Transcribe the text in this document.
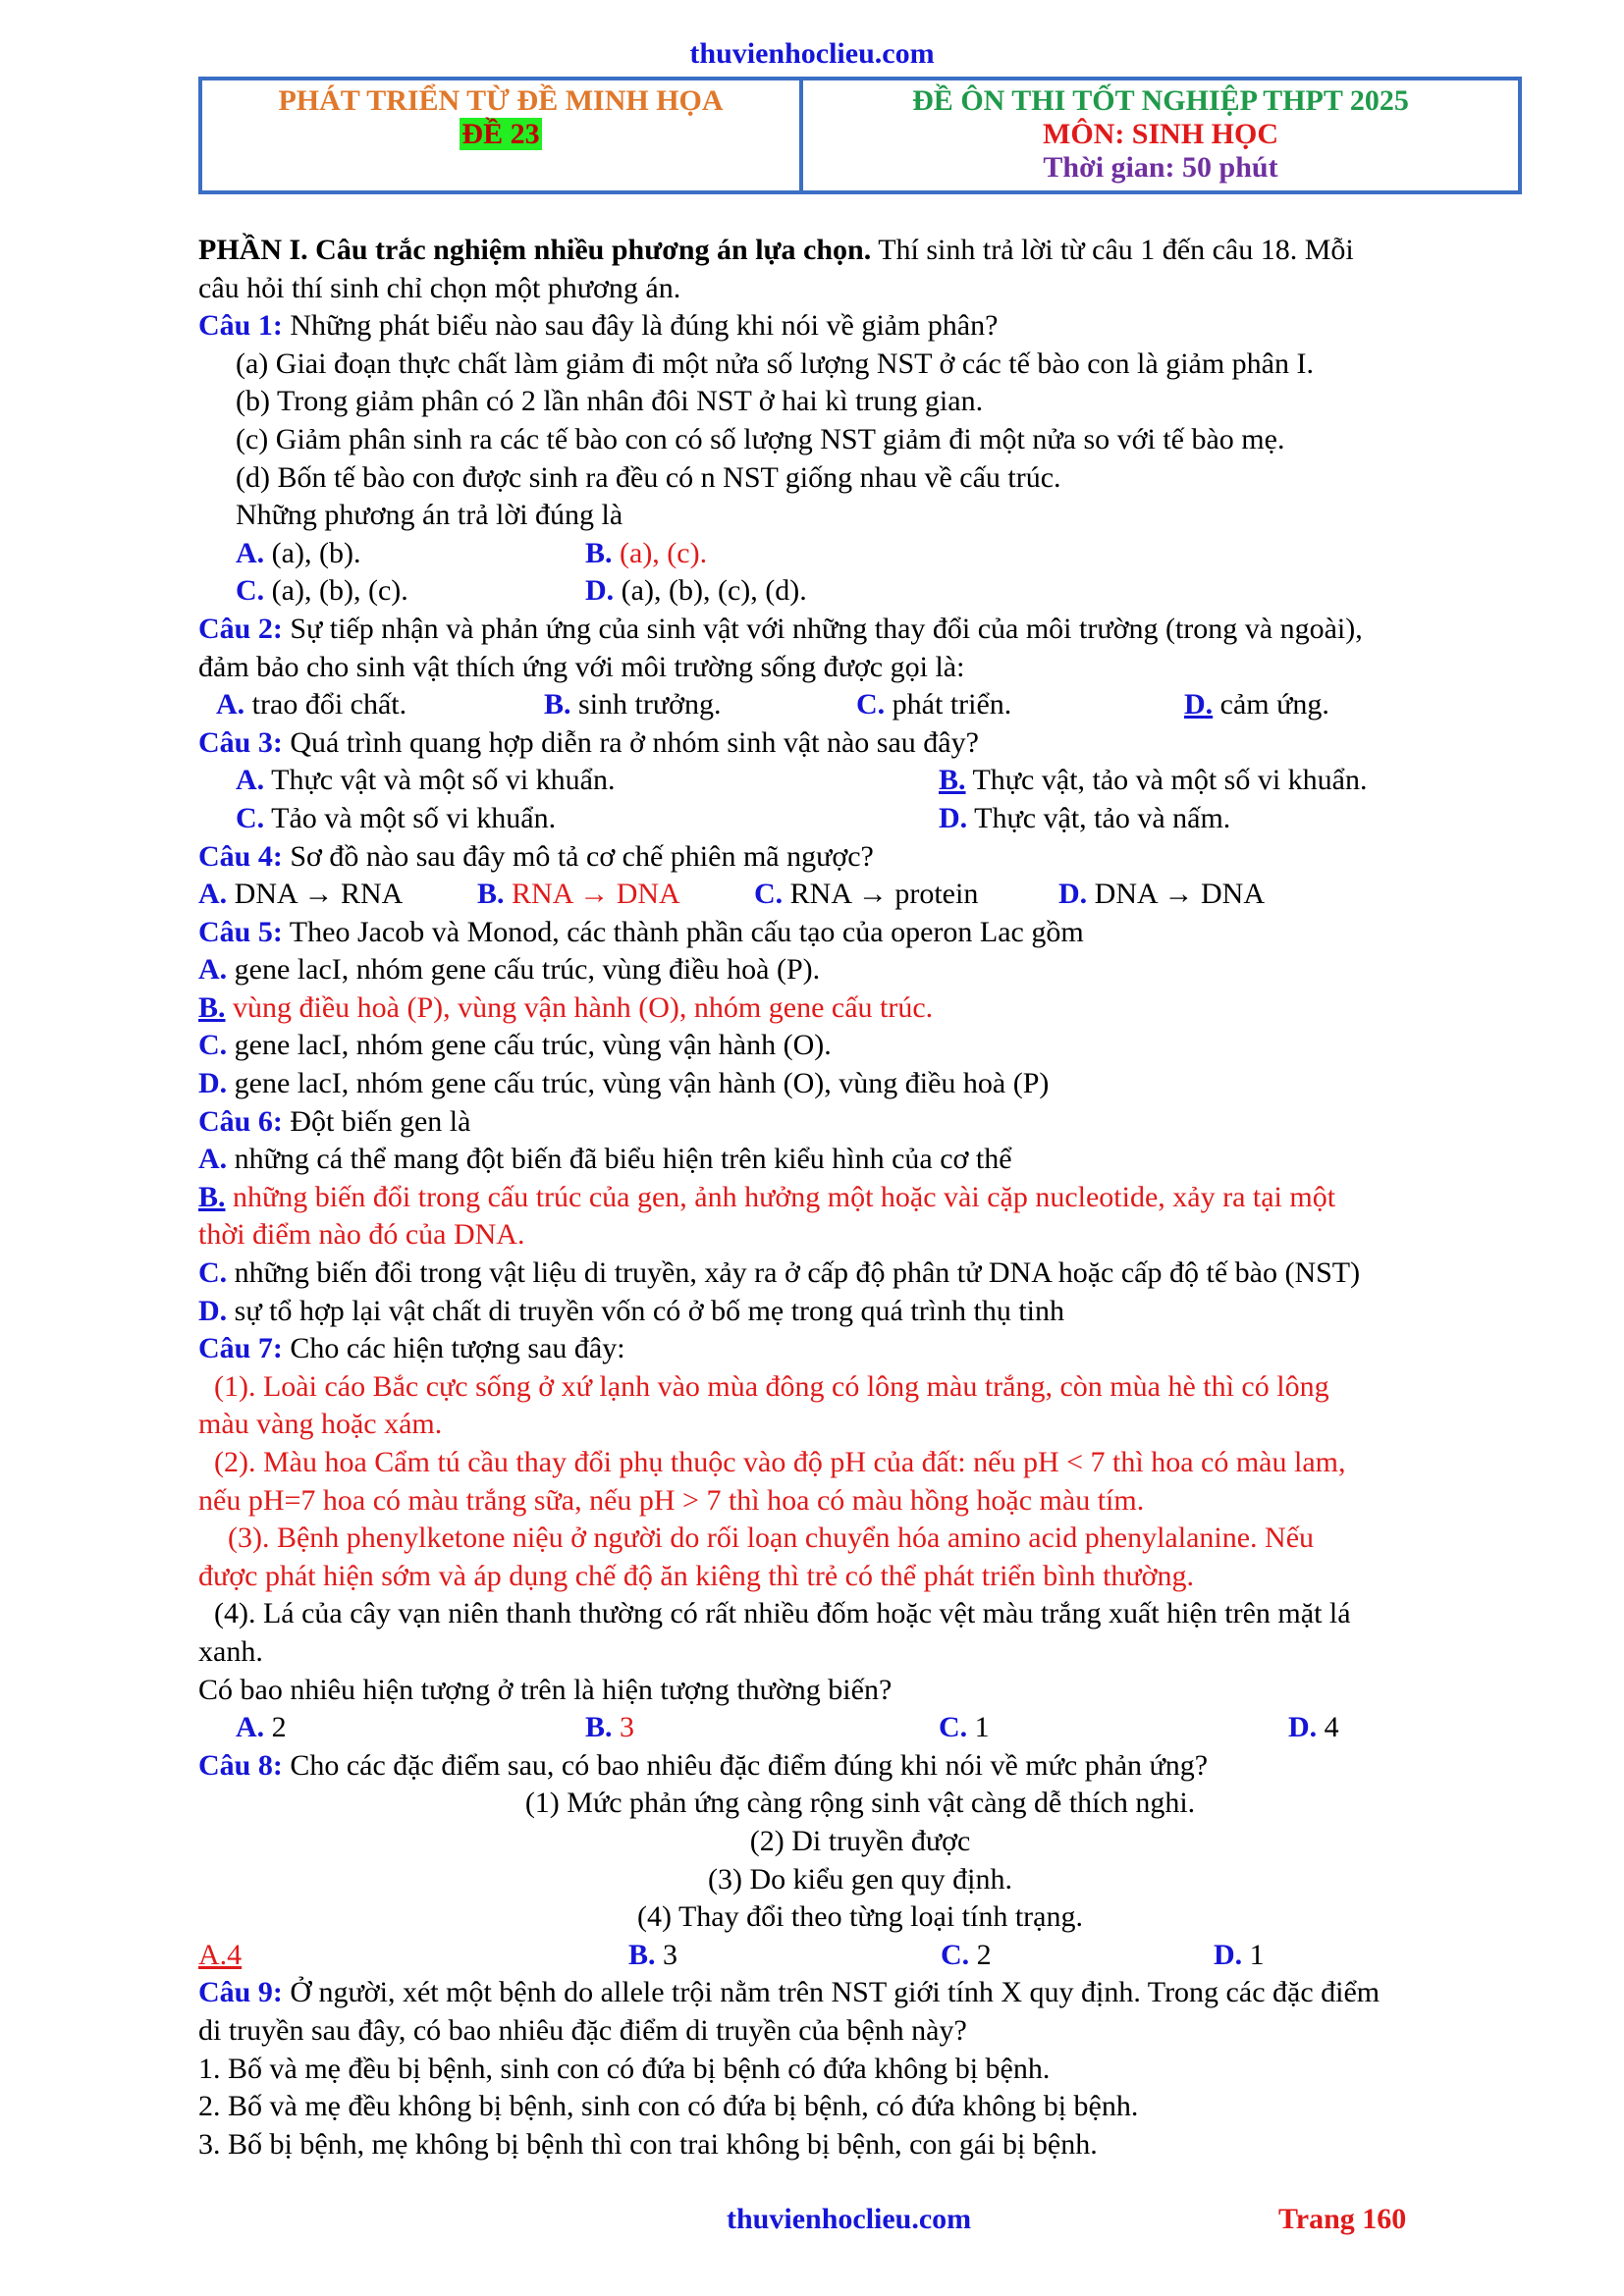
thuvienhoclieu.com
PHÁT TRIỂN TỪ ĐỀ MINH HỌA
ĐỀ 23
ĐỀ ÔN THI TỐT NGHIỆP THPT 2025
MÔN: SINH HỌC
Thời gian: 50 phút
PHẦN I. Câu trắc nghiệm nhiều phương án lựa chọn. Thí sinh trả lời từ câu 1 đến câu 18. Mỗi
câu hỏi thí sinh chỉ chọn một phương án.
Câu 1: Những phát biểu nào sau đây là đúng khi nói về giảm phân?
(a) Giai đoạn thực chất làm giảm đi một nửa số lượng NST ở các tế bào con là giảm phân I.
(b) Trong giảm phân có 2 lần nhân đôi NST ở hai kì trung gian.
(c) Giảm phân sinh ra các tế bào con có số lượng NST giảm đi một nửa so với tế bào mẹ.
(d) Bốn tế bào con được sinh ra đều có n NST giống nhau về cấu trúc.
Những phương án trả lời đúng là
A. (a), (b).	B. (a), (c).
C. (a), (b), (c).	D. (a), (b), (c), (d).
Câu 2: Sự tiếp nhận và phản ứng của sinh vật với những thay đổi của môi trường (trong và ngoài),
đảm bảo cho sinh vật thích ứng với môi trường sống được gọi là:
A. trao đổi chất.	B. sinh trưởng.	C. phát triển.	D. cảm ứng.
Câu 3: Quá trình quang hợp diễn ra ở nhóm sinh vật nào sau đây?
A. Thực vật và một số vi khuẩn.	B. Thực vật, tảo và một số vi khuẩn.
C. Tảo và một số vi khuẩn.	D. Thực vật, tảo và nấm.
Câu 4: Sơ đồ nào sau đây mô tả cơ chế phiên mã ngược?
A. DNA → RNA	B. RNA → DNA	C. RNA → protein	D. DNA → DNA
Câu 5: Theo Jacob và Monod, các thành phần cấu tạo của operon Lac gồm
A. gene lacI, nhóm gene cấu trúc, vùng điều hoà (P).
B. vùng điều hoà (P), vùng vận hành (O), nhóm gene cấu trúc.
C. gene lacI, nhóm gene cấu trúc, vùng vận hành (O).
D. gene lacI, nhóm gene cấu trúc, vùng vận hành (O), vùng điều hoà (P)
Câu 6: Đột biến gen là
A. những cá thể mang đột biến đã biểu hiện trên kiểu hình của cơ thể
B. những biến đổi trong cấu trúc của gen, ảnh hưởng một hoặc vài cặp nucleotide, xảy ra tại một
thời điểm nào đó của DNA.
C. những biến đổi trong vật liệu di truyền, xảy ra ở cấp độ phân tử DNA hoặc cấp độ tế bào (NST)
D. sự tổ hợp lại vật chất di truyền vốn có ở bố mẹ trong quá trình thụ tinh
Câu 7: Cho các hiện tượng sau đây:
(1). Loài cáo Bắc cực sống ở xứ lạnh vào mùa đông có lông màu trắng, còn mùa hè thì có lông
màu vàng hoặc xám.
(2). Màu hoa Cẩm tú cầu thay đổi phụ thuộc vào độ pH của đất: nếu pH < 7 thì hoa có màu lam,
nếu pH=7 hoa có màu trắng sữa, nếu pH > 7 thì hoa có màu hồng hoặc màu tím.
(3). Bệnh phenylketone niệu ở người do rối loạn chuyển hóa amino acid phenylalanine. Nếu
được phát hiện sớm và áp dụng chế độ ăn kiêng thì trẻ có thể phát triển bình thường.
(4). Lá của cây vạn niên thanh thường có rất nhiều đốm hoặc vệt màu trắng xuất hiện trên mặt lá
xanh.
Có bao nhiêu hiện tượng ở trên là hiện tượng thường biến?
A. 2	B. 3	C. 1	D. 4
Câu 8: Cho các đặc điểm sau, có bao nhiêu đặc điểm đúng khi nói về mức phản ứng?
(1) Mức phản ứng càng rộng sinh vật càng dễ thích nghi.
(2) Di truyền được
(3) Do kiểu gen quy định.
(4) Thay đổi theo từng loại tính trạng.
A.4	B. 3	C. 2	D. 1
Câu 9: Ở người, xét một bệnh do allele trội nằm trên NST giới tính X quy định. Trong các đặc điểm
di truyền sau đây, có bao nhiêu đặc điểm di truyền của bệnh này?
1. Bố và mẹ đều bị bệnh, sinh con có đứa bị bệnh có đứa không bị bệnh.
2. Bố và mẹ đều không bị bệnh, sinh con có đứa bị bệnh, có đứa không bị bệnh.
3. Bố bị bệnh, mẹ không bị bệnh thì con trai không bị bệnh, con gái bị bệnh.
thuvienhoclieu.com	Trang 160
